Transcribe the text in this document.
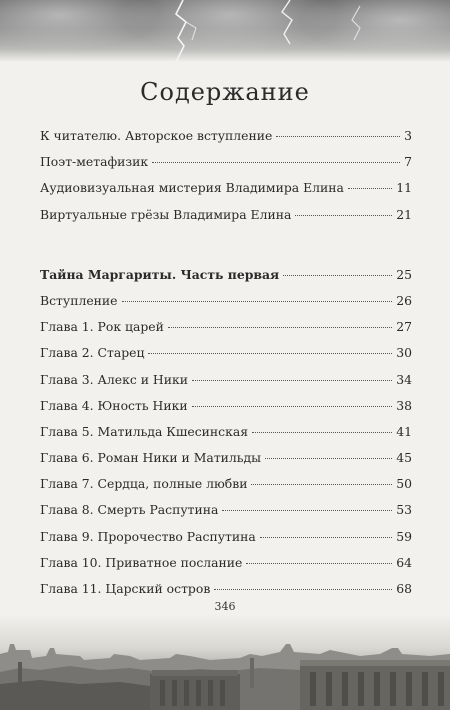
Содержание
К читателю. Авторское вступление	3
Поэт-метафизик	7
Аудиовизуальная мистерия Владимира Елина	11
Виртуальные грёзы Владимира Елина	21
Тайна Маргариты. Часть первая	25
Вступление	26
Глава 1. Рок царей	27
Глава 2. Старец	30
Глава 3. Алекс и Ники	34
Глава 4. Юность Ники	38
Глава 5. Матильда Кшесинская	41
Глава 6. Роман Ники и Матильды	45
Глава 7. Сердца, полные любви	50
Глава 8. Смерть Распутина	53
Глава 9. Пророчество Распутина	59
Глава 10. Приватное послание	64
Глава 11. Царский остров	68
346
